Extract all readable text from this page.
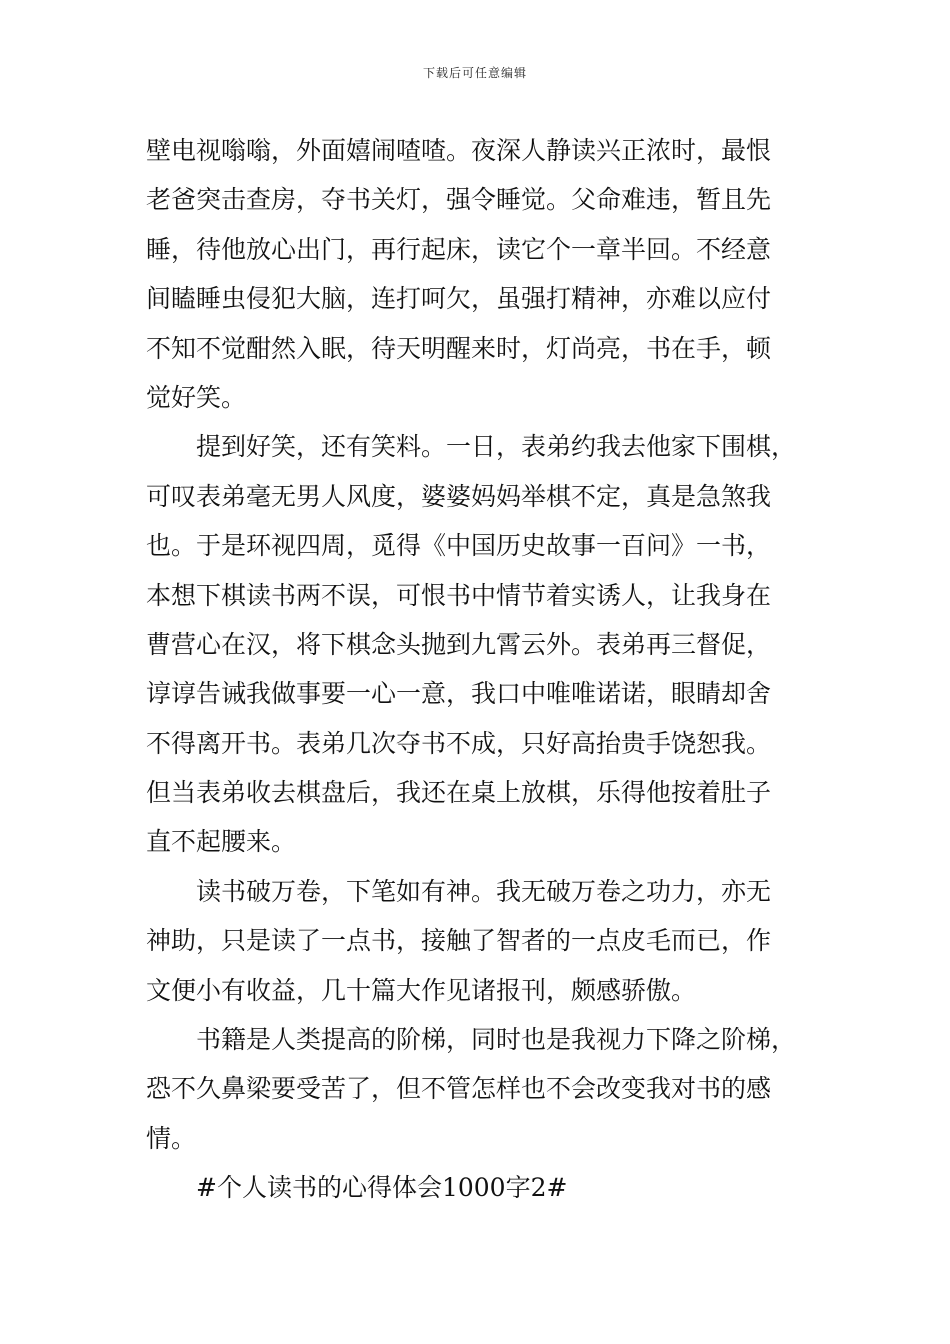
下载后可任意编辑
壁电视嗡嗡，外面嬉闹喳喳。夜深人静读兴正浓时，最恨
老爸突击查房，夺书关灯，强令睡觉。父命难违，暂且先
睡，待他放心出门，再行起床，读它个一章半回。不经意
间瞌睡虫侵犯大脑，连打呵欠，虽强打精神，亦难以应付
不知不觉酣然入眠，待天明醒来时，灯尚亮，书在手，顿
觉好笑。
提到好笑，还有笑料。一日，表弟约我去他家下围棋，
可叹表弟毫无男人风度，婆婆妈妈举棋不定，真是急煞我
也。于是环视四周，觅得《中国历史故事一百问》一书，
本想下棋读书两不误，可恨书中情节着实诱人，让我身在
曹营心在汉，将下棋念头抛到九霄云外。表弟再三督促，
谆谆告诫我做事要一心一意，我口中唯唯诺诺，眼睛却舍
不得离开书。表弟几次夺书不成，只好高抬贵手饶恕我。
但当表弟收去棋盘后，我还在桌上放棋，乐得他按着肚子
直不起腰来。
读书破万卷，下笔如有神。我无破万卷之功力，亦无
神助，只是读了一点书，接触了智者的一点皮毛而已，作
文便小有收益，几十篇大作见诸报刊，颇感骄傲。
书籍是人类提高的阶梯，同时也是我视力下降之阶梯，
恐不久鼻梁要受苦了，但不管怎样也不会改变我对书的感
情。
#个人读书的心得体会1000字2#
